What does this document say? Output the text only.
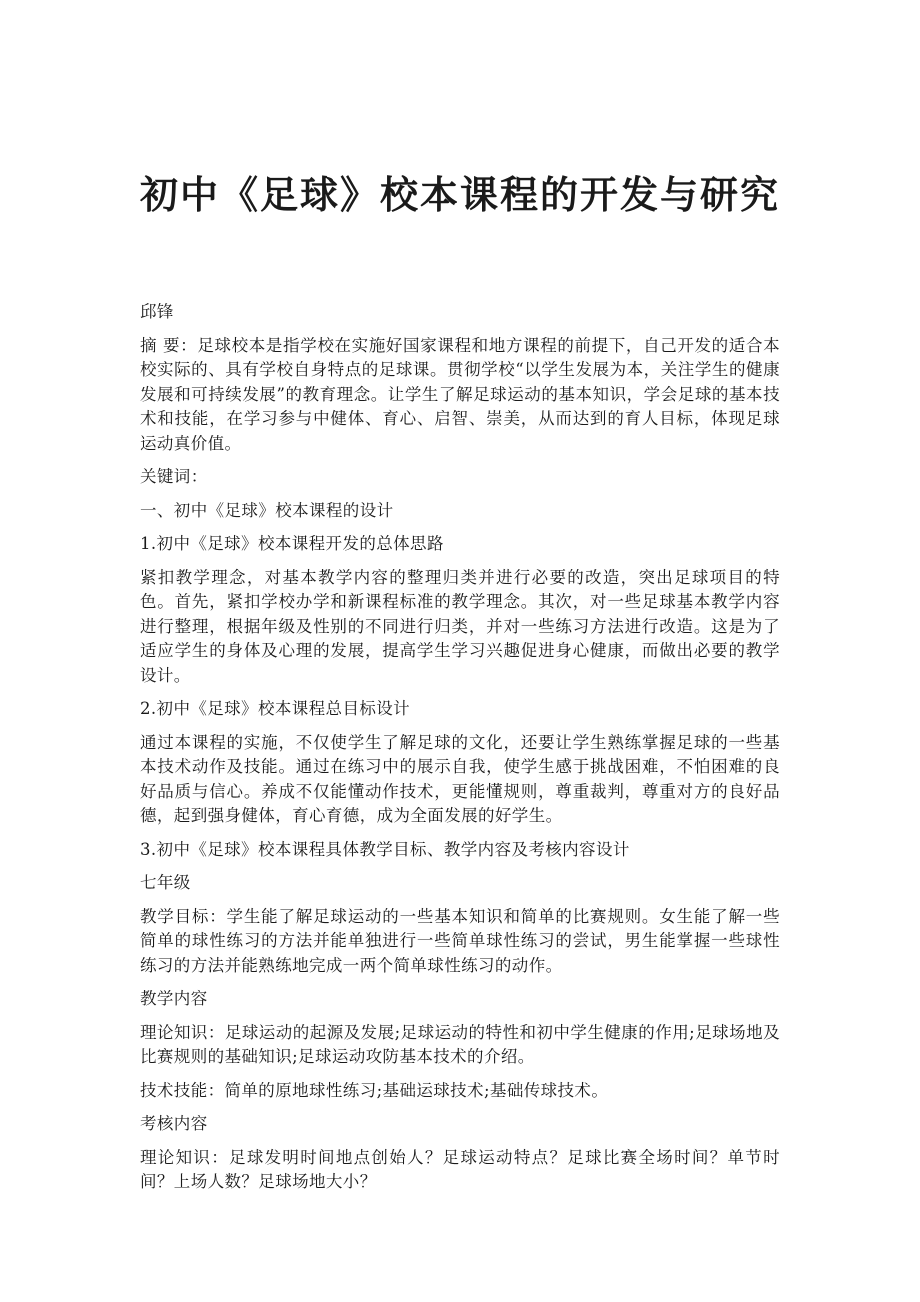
初中《足球》校本课程的开发与研究

邱锋

摘 要：足球校本是指学校在实施好国家课程和地方课程的前提下，自己开发的适合本校实际的、具有学校自身特点的足球课。贯彻学校“以学生发展为本，关注学生的健康发展和可持续发展”的教育理念。让学生了解足球运动的基本知识，学会足球的基本技术和技能，在学习参与中健体、育心、启智、崇美，从而达到的育人目标，体现足球运动真价值。

关键词：

一、初中《足球》校本课程的设计

1.初中《足球》校本课程开发的总体思路

紧扣教学理念，对基本教学内容的整理归类并进行必要的改造，突出足球项目的特色。首先，紧扣学校办学和新课程标准的教学理念。其次，对一些足球基本教学内容进行整理，根据年级及性别的不同进行归类，并对一些练习方法进行改造。这是为了适应学生的身体及心理的发展，提高学生学习兴趣促进身心健康，而做出必要的教学设计。

2.初中《足球》校本课程总目标设计

通过本课程的实施，不仅使学生了解足球的文化，还要让学生熟练掌握足球的一些基本技术动作及技能。通过在练习中的展示自我，使学生感于挑战困难，不怕困难的良好品质与信心。养成不仅能懂动作技术，更能懂规则，尊重裁判，尊重对方的良好品德，起到强身健体，育心育德，成为全面发展的好学生。

3.初中《足球》校本课程具体教学目标、教学内容及考核内容设计

七年级

教学目标：学生能了解足球运动的一些基本知识和简单的比赛规则。女生能了解一些简单的球性练习的方法并能单独进行一些简单球性练习的尝试，男生能掌握一些球性练习的方法并能熟练地完成一两个简单球性练习的动作。

教学内容

理论知识：足球运动的起源及发展;足球运动的特性和初中学生健康的作用;足球场地及比赛规则的基础知识;足球运动攻防基本技术的介绍。

技术技能：简单的原地球性练习;基础运球技术;基础传球技术。

考核内容

理论知识：足球发明时间地点创始人？足球运动特点？足球比赛全场时间？单节时间？上场人数？足球场地大小？
